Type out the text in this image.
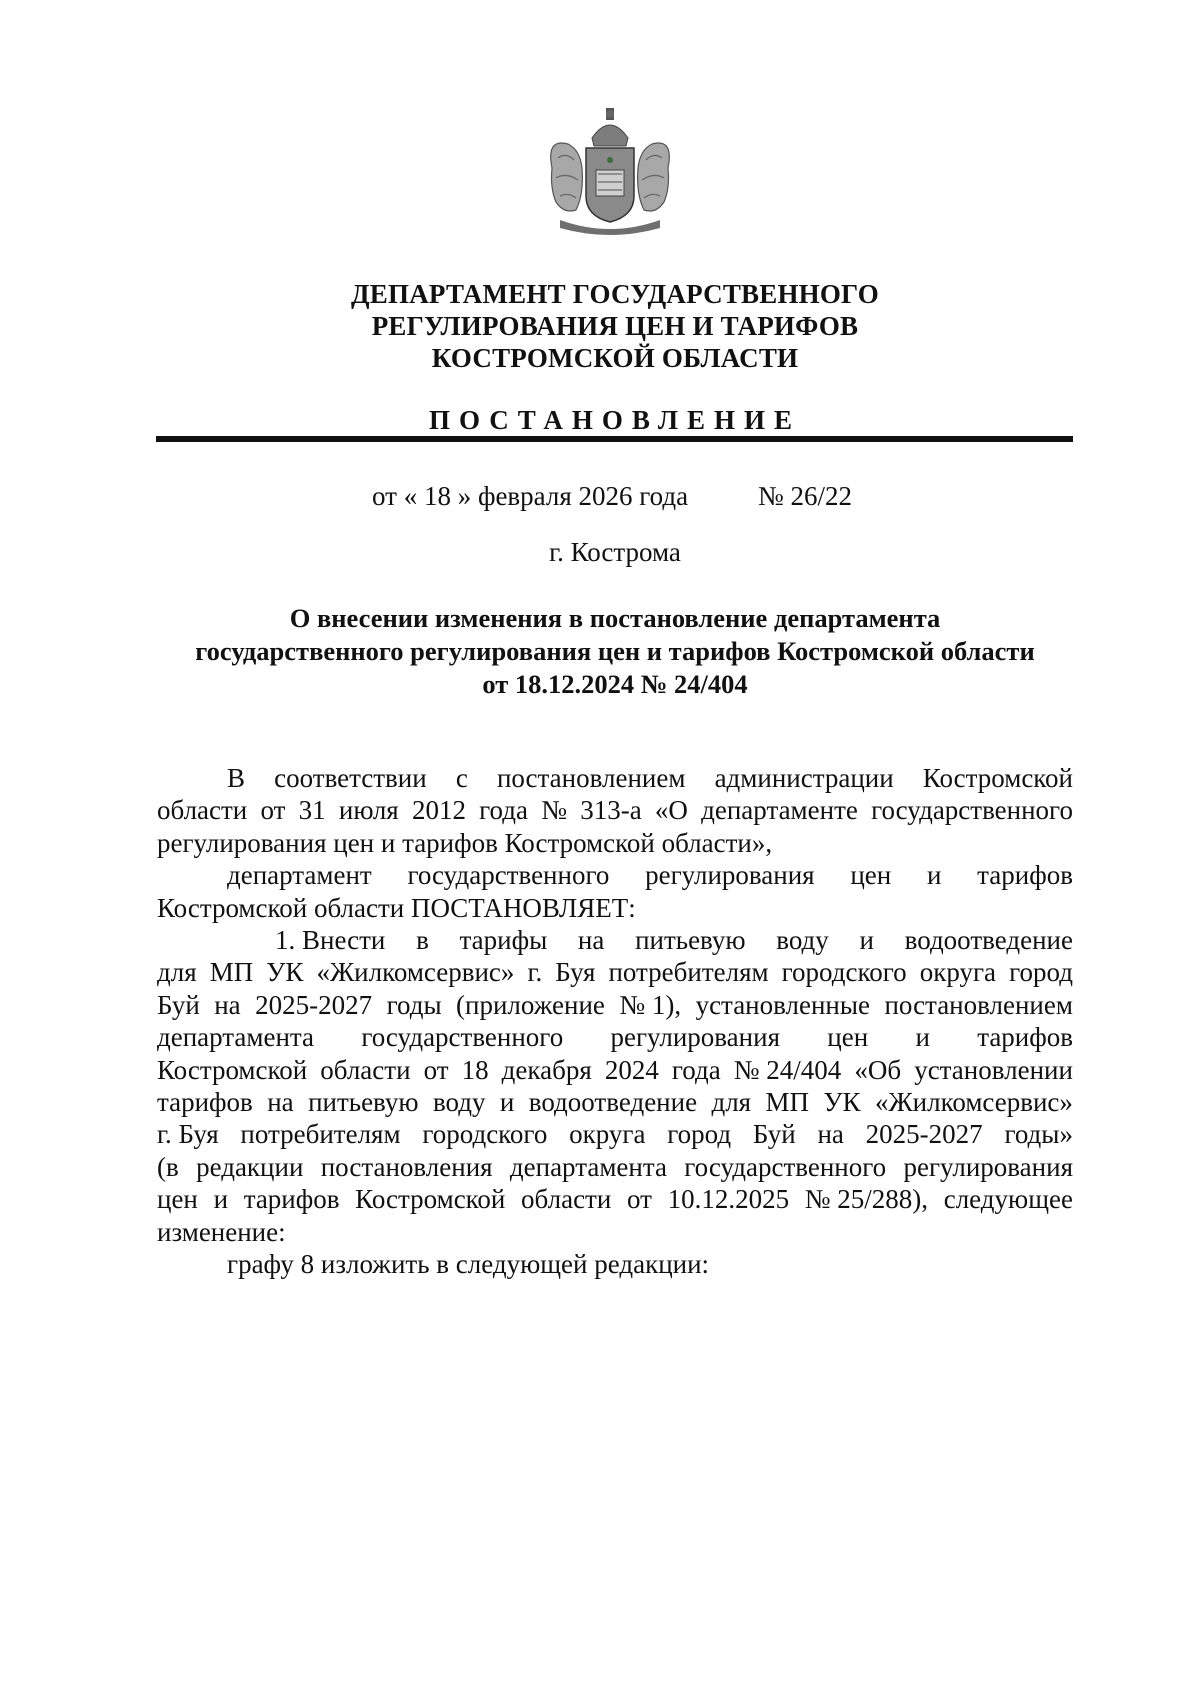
ДЕПАРТАМЕНТ ГОСУДАРСТВЕННОГО
РЕГУЛИРОВАНИЯ ЦЕН И ТАРИФОВ
КОСТРОМСКОЙ ОБЛАСТИ
ПОСТАНОВЛЕНИЕ
от « 18 » февраля 2026 года	№ 26/22
г. Кострома
О внесении изменения в постановление департамента
государственного регулирования цен и тарифов Костромской области
от 18.12.2024 № 24/404
В соответствии с постановлением администрации Костромской
области от 31 июля 2012 года № 313-а «О департаменте государственного
регулирования цен и тарифов Костромской области»,
департамент государственного регулирования цен и тарифов
Костромской области ПОСТАНОВЛЯЕТ:
1. Внести в тарифы на питьевую воду и водоотведение
для МП УК «Жилкомсервис» г. Буя потребителям городского округа город
Буй на 2025-2027 годы (приложение № 1), установленные постановлением
департамента государственного регулирования цен и тарифов
Костромской области от 18 декабря 2024 года № 24/404 «Об установлении
тарифов на питьевую воду и водоотведение для МП УК «Жилкомсервис»
г. Буя потребителям городского округа город Буй на 2025-2027 годы»
(в редакции постановления департамента государственного регулирования
цен и тарифов Костромской области от 10.12.2025 № 25/288), следующее
изменение:
графу 8 изложить в следующей редакции:
